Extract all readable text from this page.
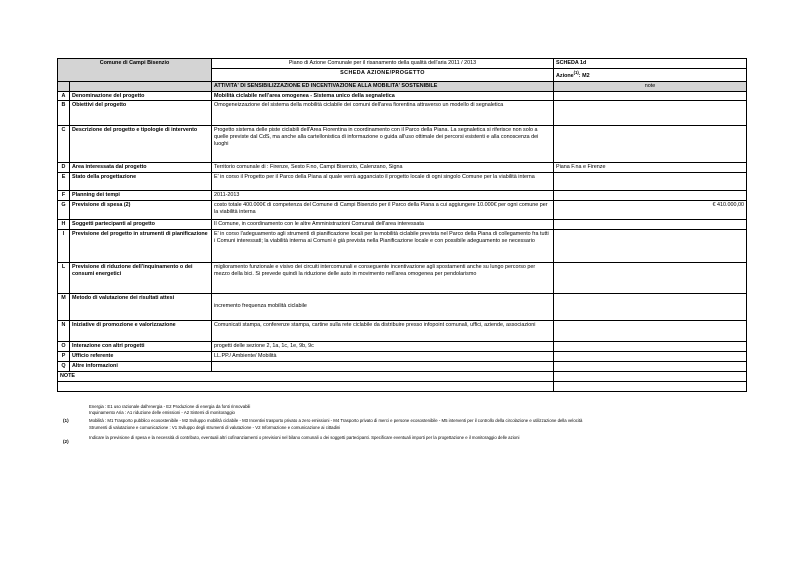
Comune di Campi Bisenzio		Piano di Azione Comunale per il risanamento della qualità dell'aria 2011 / 2013	SCHEDA 1d
		SCHEDA AZIONE/PROGETTO	Azione$^{(1)}$: M2
		ATTIVITA' DI SENSIBILIZZAZIONE ED INCENTIVAZIONE ALLA MOBILITA' SOSTENIBILE	note
A	Denominazione del progetto	Mobilità ciclabile nell'area omogenea - Sistema unico della segnaletica	
B	Obiettivi del progetto	Omogeneizzazione del sistema della mobilità ciclabile dei comuni dell'area fiorentina attraverso un modello di segnaletica	
C	Descrizione del progetto e tipologie di intervento	Progetto sistema delle piste ciclabili dell'Area Fiorentina in coordinamento con il Parco della Piana. La segnaletica si riferisce non solo a quelle previste dal CdS, ma anche alla cartellonistica di informazione o guida all'uso ottimale dei percorsi esistenti e alla conoscenza dei luoghi	
D	Area interessata dal progetto	Territorio comunale di : Firenze, Sesto F.no, Campi Bisenzio, Calenzano, Signa	Piana F.na e Firenze
E	Stato della progettazione	E' in corso il Progetto per il Parco della Piana al quale verrà agganciato il progetto locale di ogni singolo Comune per la viabilità interna	
F	Planning dei tempi	2011-2013	
G	Previsione di spesa (2)	costo totale 400.000€ di competenza del Comune di Campi Bisenzio per il Parco della Piana a cui aggiungere 10.000€ per ogni comune per la viabilità interna	€ 410.000,00
H	Soggetti partecipanti al progetto	Il Comune, in coordinamento con le altre Amministrazioni Comunali dell'area interessata	
I	Previsione del progetto in strumenti di pianificazione	E' in corso l'adeguamento agli strumenti di pianificazione locali per la mobilità ciclabile prevista nel Parco della Piana di collegamento fra tutti i Comuni interessati; la viabilità interna ai Comuni è già prevista nella Pianificazione locale e con possibile adeguamento se necessario	
L	Previsione di riduzione dell'inquinamento o dei consumi energetici	miglioramento funzionale e visivo dei circuiti intercomunali e conseguente incentivazione agli spostamenti anche su lungo percorso per mezzo della bici. Si prevede quindi la riduzione delle auto in movimento nell'area omogenea per pendolarismo	
M	Metodo di valutazione dei risultati attesi	incremento frequenza mobilità ciclabile	
N	Iniziative di promozione e valorizzazione	Comunicati stampa, conferenze stampa, cartine sulla rete ciclabile da distribuire presso infopoint comunali, uffici, aziende, associazioni	
O	Interazione con altri progetti	progetti delle sezione 2, 1a, 1c, 1e, 9b, 9c	
P	Ufficio referente	LL.PP./ Ambiente/ Mobilità	
Q	Altre informazioni		
NOTE			

Energia : E1 uso razionale dall'energia - E2 Produzione di energia da fonti rinnovabili
Inquinamento Aria : A1 riduzione delle emissioni - A2 Sistemi di monitoraggio
(1)	Mobilità : M1 Trasporto pubblico ecosostenibile - M2 Sviluppo mobilità ciclabile - M3 Incentivi trasporto privato a zero emissioni - M4 Trasporto privato di merci e persone ecosostenibile - M5 interventi per il controllo della circolazione e utilizzazione della velocità
Strumenti di valutazione e comunicazione : V1 Sviluppo degli strumenti di valutazione - V2 Informazione e comunicazione ai cittadini
(2)
Indicare la previsione di spesa e la necessità di contributo, eventuali altri cofinanziamenti o previsioni nel bilano comunali o dei soggetti partecipanti. Specificare eventuali importi per la progettazione e il monitoraggio delle azioni
